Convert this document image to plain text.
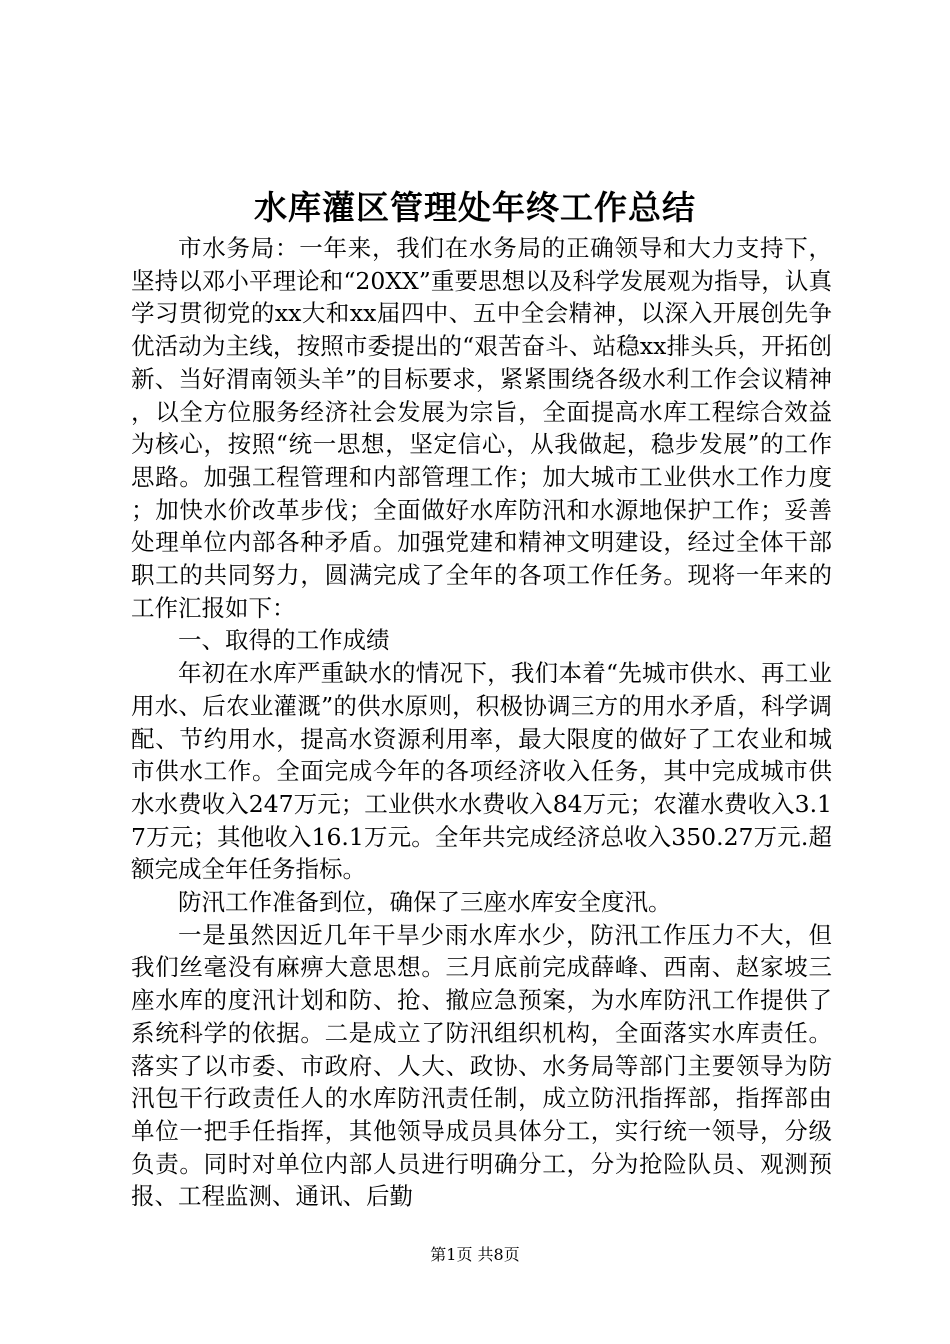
水库灌区管理处年终工作总结

市水务局：一年来，我们在水务局的正确领导和大力支持下，坚持以邓小平理论和“20XX”重要思想以及科学发展观为指导，认真学习贯彻党的xx大和xx届四中、五中全会精神，以深入开展创先争优活动为主线，按照市委提出的“艰苦奋斗、站稳xx排头兵，开拓创新、当好渭南领头羊”的目标要求，紧紧围绕各级水利工作会议精神，以全方位服务经济社会发展为宗旨，全面提高水库工程综合效益为核心，按照“统一思想，坚定信心，从我做起，稳步发展”的工作思路。加强工程管理和内部管理工作；加大城市工业供水工作力度；加快水价改革步伐；全面做好水库防汛和水源地保护工作；妥善处理单位内部各种矛盾。加强党建和精神文明建设，经过全体干部职工的共同努力，圆满完成了全年的各项工作任务。现将一年来的工作汇报如下：

一、取得的工作成绩

年初在水库严重缺水的情况下，我们本着“先城市供水、再工业用水、后农业灌溉”的供水原则，积极协调三方的用水矛盾，科学调配、节约用水，提高水资源利用率，最大限度的做好了工农业和城市供水工作。全面完成今年的各项经济收入任务，其中完成城市供水水费收入247万元；工业供水水费收入84万元；农灌水费收入3.17万元；其他收入16.1万元。全年共完成经济总收入350.27万元.超额完成全年任务指标。

防汛工作准备到位，确保了三座水库安全度汛。

一是虽然因近几年干旱少雨水库水少，防汛工作压力不大，但我们丝毫没有麻痹大意思想。三月底前完成薛峰、西南、赵家坡三座水库的度汛计划和防、抢、撤应急预案，为水库防汛工作提供了系统科学的依据。二是成立了防汛组织机构，全面落实水库责任。落实了以市委、市政府、人大、政协、水务局等部门主要领导为防汛包干行政责任人的水库防汛责任制，成立防汛指挥部，指挥部由单位一把手任指挥，其他领导成员具体分工，实行统一领导，分级负责。同时对单位内部人员进行明确分工，分为抢险队员、观测预报、工程监测、通讯、后勤

第1页 共8页
